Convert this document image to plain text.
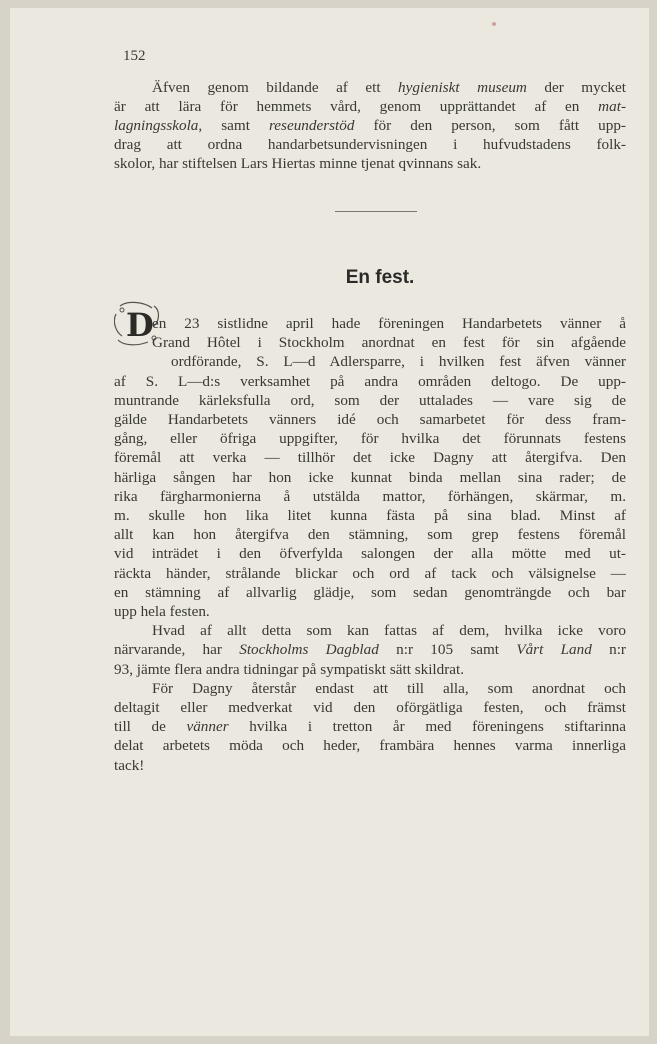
152
Äfven genom bildande af ett hygieniskt museum der mycket
är att lära för hemmets vård, genom upprättandet af en mat-
lagningsskola, samt reseunderstöd för den person, som fått upp-
drag att ordna handarbetsundervisningen i hufvudstadens folk-
skolor, har stiftelsen Lars Hiertas minne tjenat qvinnans sak.
En fest.
D
en 23 sistlidne april hade föreningen Handarbetets vänner å
Grand Hôtel i Stockholm anordnat en fest för sin afgående
ordförande, S. L—d Adlersparre, i hvilken fest äfven vänner
af S. L—d:s verksamhet på andra områden deltogo. De upp-
muntrande kärleksfulla ord, som der uttalades — vare sig de
gälde Handarbetets vänners idé och samarbetet för dess fram-
gång, eller öfriga uppgifter, för hvilka det förunnats festens
föremål att verka — tillhör det icke Dagny att återgifva. Den
härliga sången har hon icke kunnat binda mellan sina rader; de
rika färgharmonierna å utstälda mattor, förhängen, skärmar, m.
m. skulle hon lika litet kunna fästa på sina blad. Minst af
allt kan hon återgifva den stämning, som grep festens föremål
vid inträdet i den öfverfylda salongen der alla mötte med ut-
räckta händer, strålande blickar och ord af tack och välsignelse —
en stämning af allvarlig glädje, som sedan genomträngde och bar
upp hela festen.
Hvad af allt detta som kan fattas af dem, hvilka icke voro
närvarande, har Stockholms Dagblad n:r 105 samt Vårt Land n:r
93, jämte flera andra tidningar på sympatiskt sätt skildrat.
För Dagny återstår endast att till alla, som anordnat och
deltagit eller medverkat vid den oförgätliga festen, och främst
till de vänner hvilka i tretton år med föreningens stiftarinna
delat arbetets möda och heder, frambära hennes varma innerliga
tack!
